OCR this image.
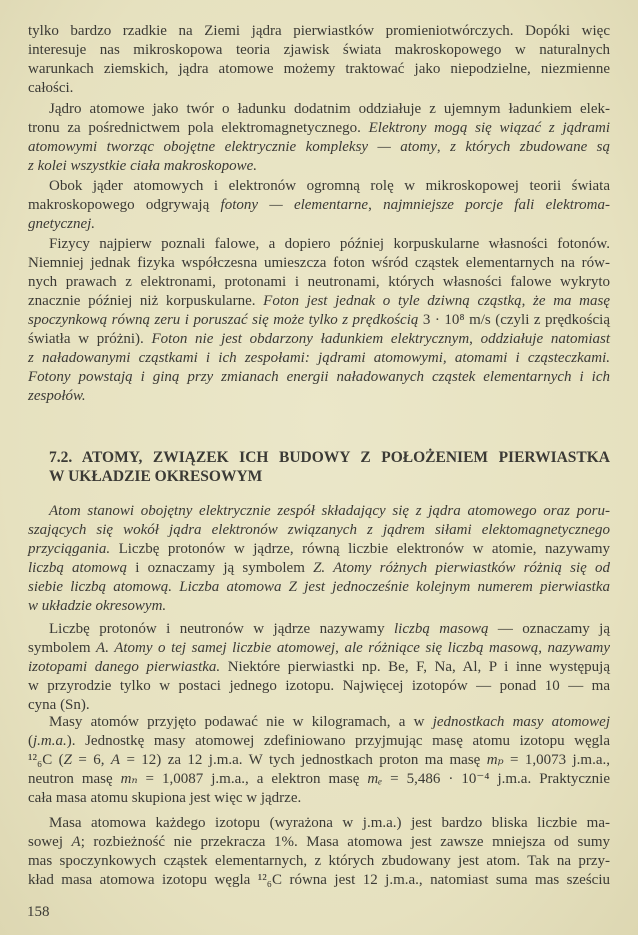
tylko bardzo rzadkie na Ziemi jądra pierwiastków promieniotwórczych. Dopóki więc
interesuje nas mikroskopowa teoria zjawisk świata makroskopowego w naturalnych
warunkach ziemskich, jądra atomowe możemy traktować jako niepodzielne, niezmienne
całości.
Jądro atomowe jako twór o ładunku dodatnim oddziałuje z ujemnym ładunkiem elek-
tronu za pośrednictwem pola elektromagnetycznego. Elektrony mogą się wiązać z jądrami
atomowymi tworząc obojętne elektrycznie kompleksy — atomy, z których zbudowane są
z kolei wszystkie ciała makroskopowe.
Obok jąder atomowych i elektronów ogromną rolę w mikroskopowej teorii świata
makroskopowego odgrywają fotony — elementarne, najmniejsze porcje fali elektroma-
gnetycznej.
Fizycy najpierw poznali falowe, a dopiero później korpuskularne własności fotonów.
Niemniej jednak fizyka współczesna umieszcza foton wśród cząstek elementarnych na rów-
nych prawach z elektronami, protonami i neutronami, których własności falowe wykryto
znacznie później niż korpuskularne. Foton jest jednak o tyle dziwną cząstką, że ma masę
spoczynkową równą zeru i poruszać się może tylko z prędkością 3 · 10⁸ m/s (czyli z prędkością
światła w próżni). Foton nie jest obdarzony ładunkiem elektrycznym, oddziałuje natomiast
z naładowanymi cząstkami i ich zespołami: jądrami atomowymi, atomami i cząsteczkami.
Fotony powstają i giną przy zmianach energii naładowanych cząstek elementarnych i ich
zespołów.
7.2. ATOMY, ZWIĄZEK ICH BUDOWY Z POŁOŻENIEM PIERWIASTKA
W UKŁADZIE OKRESOWYM
Atom stanowi obojętny elektrycznie zespół składający się z jądra atomowego oraz poru-
szających się wokół jądra elektronów związanych z jądrem siłami elektomagnetycznego
przyciągania. Liczbę protonów w jądrze, równą liczbie elektronów w atomie, nazywamy
liczbą atomową i oznaczamy ją symbolem Z. Atomy różnych pierwiastków różnią się od
siebie liczbą atomową. Liczba atomowa Z jest jednocześnie kolejnym numerem pierwiastka
w układzie okresowym.
Liczbę protonów i neutronów w jądrze nazywamy liczbą masową — oznaczamy ją
symbolem A. Atomy o tej samej liczbie atomowej, ale różniące się liczbą masową, nazywamy
izotopami danego pierwiastka. Niektóre pierwiastki np. Be, F, Na, Al, P i inne występują
w przyrodzie tylko w postaci jednego izotopu. Najwięcej izotopów — ponad 10 — ma
cyna (Sn).
Masy atomów przyjęto podawać nie w kilogramach, a w jednostkach masy atomowej
(j.m.a.). Jednostkę masy atomowej zdefiniowano przyjmując masę atomu izotopu węgla
¹²₆C (Z = 6, A = 12) za 12 j.m.a. W tych jednostkach proton ma masę mₚ = 1,0073 j.m.a.,
neutron masę mₙ = 1,0087 j.m.a., a elektron masę mₑ = 5,486 · 10⁻⁴ j.m.a. Praktycznie
cała masa atomu skupiona jest więc w jądrze.
Masa atomowa każdego izotopu (wyrażona w j.m.a.) jest bardzo bliska liczbie ma-
sowej A; rozbieżność nie przekracza 1%. Masa atomowa jest zawsze mniejsza od sumy
mas spoczynkowych cząstek elementarnych, z których zbudowany jest atom. Tak na przy-
kład masa atomowa izotopu węgla ¹²₆C równa jest 12 j.m.a., natomiast suma mas sześciu
158
